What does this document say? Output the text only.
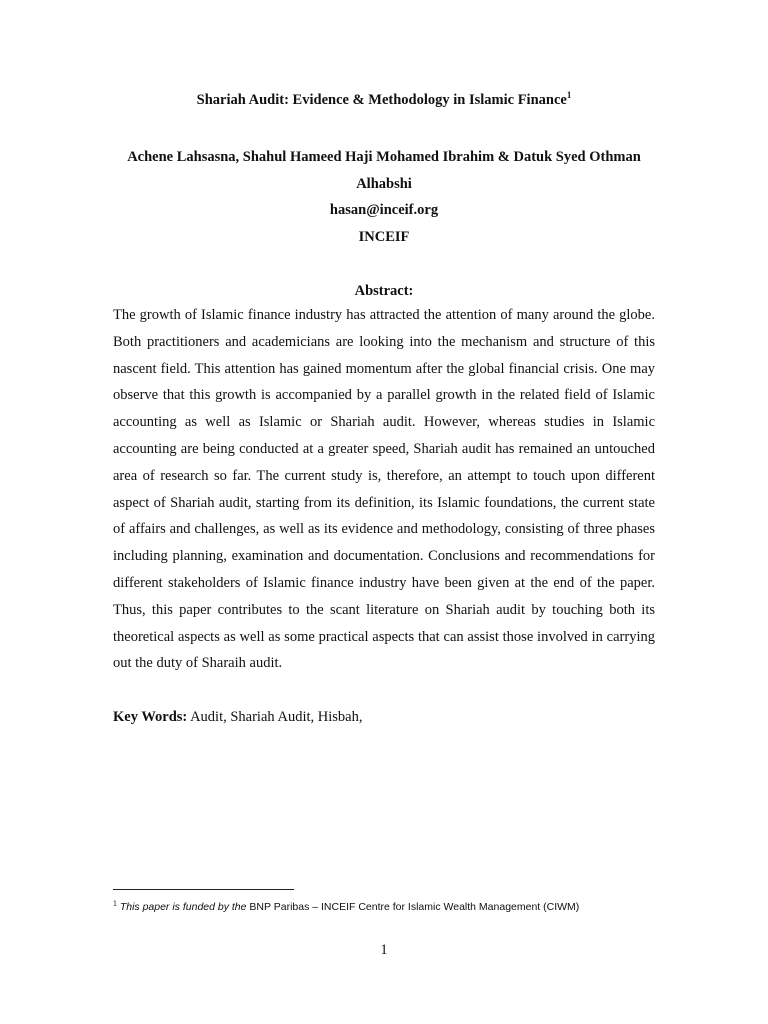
Shariah Audit: Evidence & Methodology in Islamic Finance$^1$

Achene Lahsasna, Shahul Hameed Haji Mohamed Ibrahim & Datuk Syed Othman Alhabshi

hasan@inceif.org

INCEIF

Abstract:

The growth of Islamic finance industry has attracted the attention of many around the globe. Both practitioners and academicians are looking into the mechanism and structure of this nascent field. This attention has gained momentum after the global financial crisis. One may observe that this growth is accompanied by a parallel growth in the related field of Islamic accounting as well as Islamic or Shariah audit. However, whereas studies in Islamic accounting are being conducted at a greater speed, Shariah audit has remained an untouched area of research so far. The current study is, therefore, an attempt to touch upon different aspect of Shariah audit, starting from its definition, its Islamic foundations, the current state of affairs and challenges, as well as its evidence and methodology, consisting of three phases including planning, examination and documentation. Conclusions and recommendations for different stakeholders of Islamic finance industry have been given at the end of the paper. Thus, this paper contributes to the scant literature on Shariah audit by touching both its theoretical aspects as well as some practical aspects that can assist those involved in carrying out the duty of Sharaih audit.

Key Words: Audit, Shariah Audit, Hisbah,

$^1$ This paper is funded by the BNP Paribas – INCEIF Centre for Islamic Wealth Management (CIWM)

1
